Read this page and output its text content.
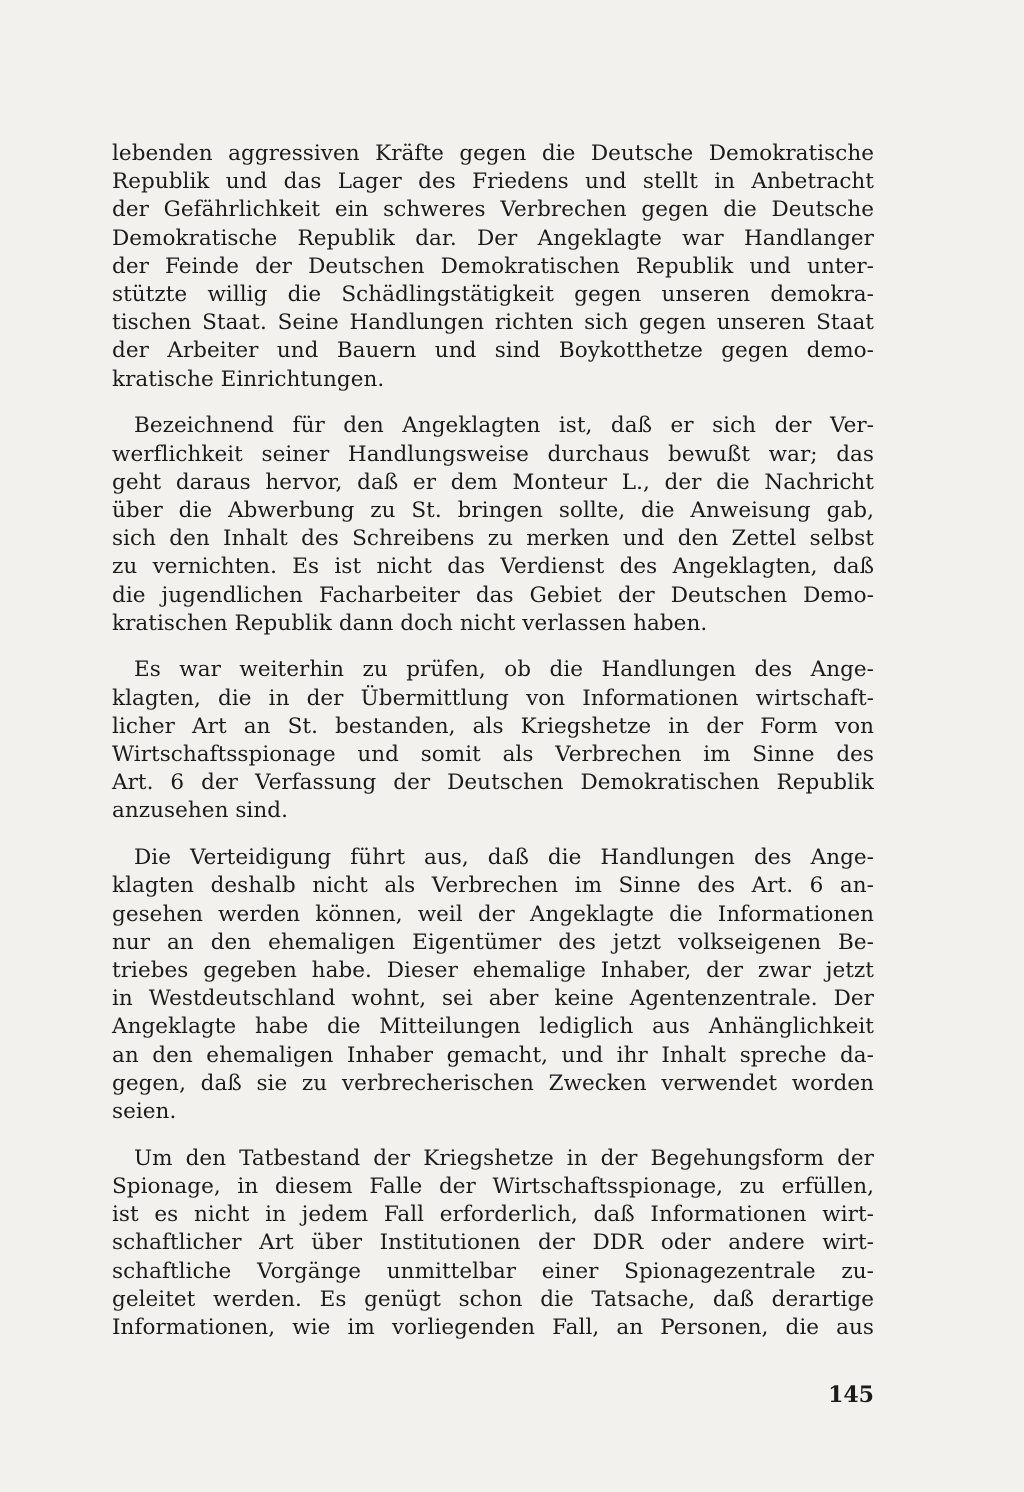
lebenden aggressiven Kräfte gegen die Deutsche Demokratische
Republik und das Lager des Friedens und stellt in Anbetracht
der Gefährlichkeit ein schweres Verbrechen gegen die Deutsche
Demokratische Republik dar. Der Angeklagte war Handlanger
der Feinde der Deutschen Demokratischen Republik und unter-
stützte willig die Schädlingstätigkeit gegen unseren demokra-
tischen Staat. Seine Handlungen richten sich gegen unseren Staat
der Arbeiter und Bauern und sind Boykotthetze gegen demo-
kratische Einrichtungen.

Bezeichnend für den Angeklagten ist, daß er sich der Ver-
werflichkeit seiner Handlungsweise durchaus bewußt war; das
geht daraus hervor, daß er dem Monteur L., der die Nachricht
über die Abwerbung zu St. bringen sollte, die Anweisung gab,
sich den Inhalt des Schreibens zu merken und den Zettel selbst
zu vernichten. Es ist nicht das Verdienst des Angeklagten, daß
die jugendlichen Facharbeiter das Gebiet der Deutschen Demo-
kratischen Republik dann doch nicht verlassen haben.

Es war weiterhin zu prüfen, ob die Handlungen des Ange-
klagten, die in der Übermittlung von Informationen wirtschaft-
licher Art an St. bestanden, als Kriegshetze in der Form von
Wirtschaftsspionage und somit als Verbrechen im Sinne des
Art. 6 der Verfassung der Deutschen Demokratischen Republik
anzusehen sind.

Die Verteidigung führt aus, daß die Handlungen des Ange-
klagten deshalb nicht als Verbrechen im Sinne des Art. 6 an-
gesehen werden können, weil der Angeklagte die Informationen
nur an den ehemaligen Eigentümer des jetzt volkseigenen Be-
triebes gegeben habe. Dieser ehemalige Inhaber, der zwar jetzt
in Westdeutschland wohnt, sei aber keine Agentenzentrale. Der
Angeklagte habe die Mitteilungen lediglich aus Anhänglichkeit
an den ehemaligen Inhaber gemacht, und ihr Inhalt spreche da-
gegen, daß sie zu verbrecherischen Zwecken verwendet worden
seien.

Um den Tatbestand der Kriegshetze in der Begehungsform der
Spionage, in diesem Falle der Wirtschaftsspionage, zu erfüllen,
ist es nicht in jedem Fall erforderlich, daß Informationen wirt-
schaftlicher Art über Institutionen der DDR oder andere wirt-
schaftliche Vorgänge unmittelbar einer Spionagezentrale zu-
geleitet werden. Es genügt schon die Tatsache, daß derartige
Informationen, wie im vorliegenden Fall, an Personen, die aus

145
